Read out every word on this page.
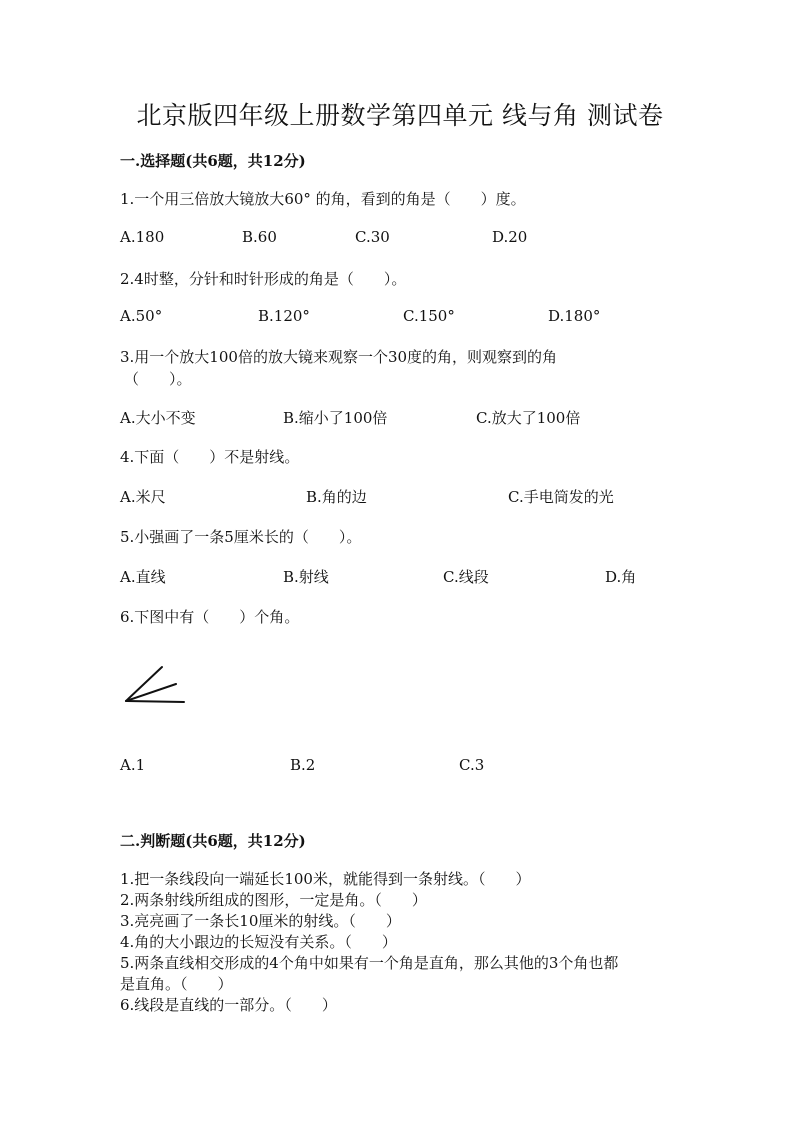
北京版四年级上册数学第四单元 线与角 测试卷
一.选择题(共6题，共12分)
1.一个用三倍放大镜放大60° 的角，看到的角是（　　）度。
A.180	B.60	C.30	D.20
2.4时整，分针和时针形成的角是（　　）。
A.50°	B.120°	C.150°	D.180°
3.用一个放大100倍的放大镜来观察一个30度的角，则观察到的角
（　　）。
A.大小不变	B.缩小了100倍	C.放大了100倍
4.下面（　　）不是射线。
A.米尺	B.角的边	C.手电筒发的光
5.小强画了一条5厘米长的（　　）。
A.直线	B.射线	C.线段	D.角
6.下图中有（　　）个角。
A.1	B.2	C.3
二.判断题(共6题，共12分)
1.把一条线段向一端延长100米，就能得到一条射线。（　　）
2.两条射线所组成的图形，一定是角。（　　）
3.亮亮画了一条长10厘米的射线。（　　）
4.角的大小跟边的长短没有关系。（　　）
5.两条直线相交形成的4个角中如果有一个角是直角，那么其他的3个角也都
是直角。（　　）
6.线段是直线的一部分。（　　）
